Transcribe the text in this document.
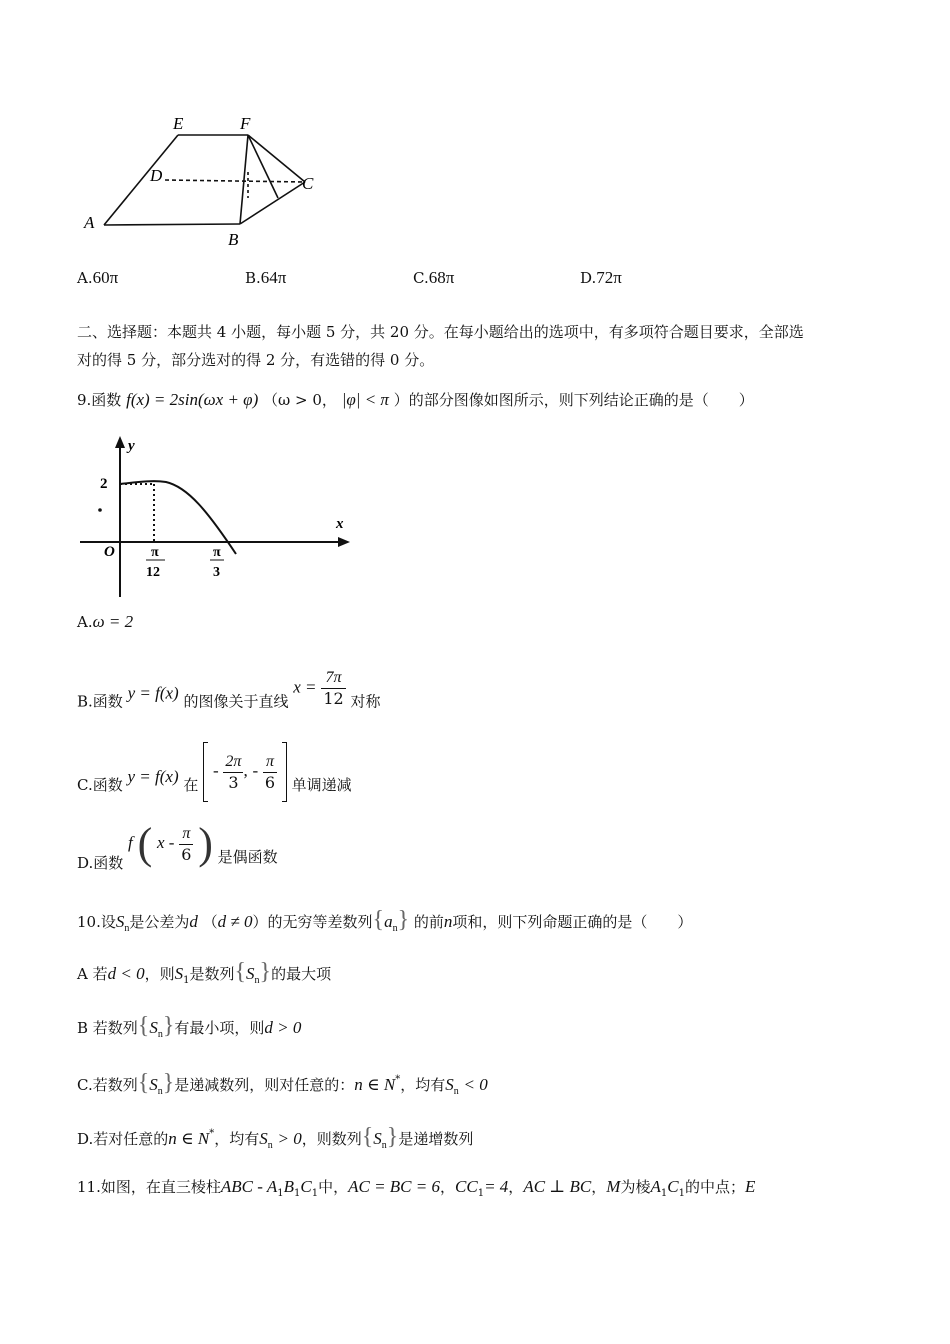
E	F
D	C
A
B
A.60π	B.64π	C.68π	D.72π
二、选择题：本题共 4 小题，每小题 5 分，共 20 分。在每小题给出的选项中，有多项符合题目要求，全部选
对的得 5 分，部分选对的得 2 分，有选错的得 0 分。
9.函数 f(x) = 2sin(ωx + φ) （ω > 0， |φ| < π ）的部分图像如图所示，则下列结论正确的是（　　）
y
x
O
2
π
12
π
3
A.ω = 2
B.函数 y = f(x) 的图像关于直线 $x = \frac{7\pi}{12}$ 对称
C.函数 y = f(x) 在  - $\frac{2\pi}{3}$ , - $\frac{\pi}{6}$ 单调递减
D.函数 f ( x - $\frac{\pi}{6}$ ) 是偶函数
10.设$S_n$是公差为d （d ≠ 0）的无穷等差数列$\{a_n\}$ 的前n项和，则下列命题正确的是（　　）
A 若d < 0，则$S_1$是数列$\{S_n\}$的最大项
B 若数列$\{S_n\}$有最小项，则d > 0
C.若数列$\{S_n\}$是递减数列，则对任意的：n ∈ N*，均有$S_n < 0$
D.若对任意的n ∈ N*，均有$S_n > 0$，则数列$\{S_n\}$是递增数列
11.如图，在直三棱柱ABC - $A_1B_1C_1$中，AC = BC = 6，$CC_1= 4$，AC ⊥ BC，M为棱$A_1C_1$的中点；E
